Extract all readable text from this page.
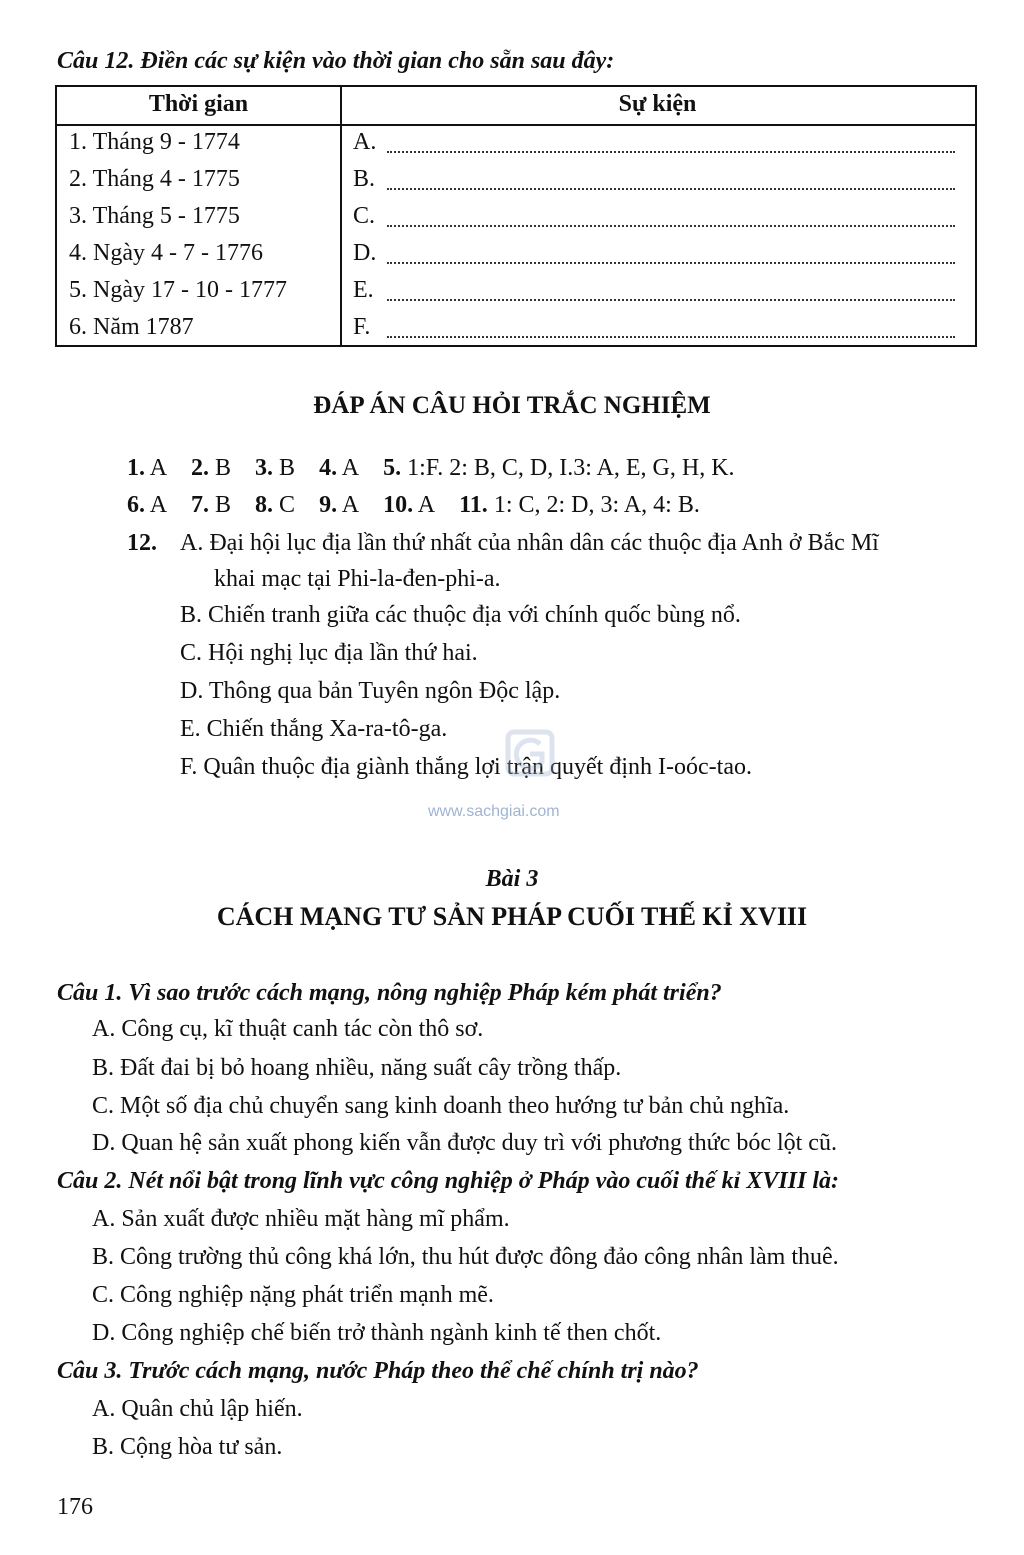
Câu 12. Điền các sự kiện vào thời gian cho sẵn sau đây:
Thời gian	Sự kiện
1. Tháng 9 - 1774	A.
2. Tháng 4 - 1775	B.
3. Tháng 5 - 1775	C.
4. Ngày 4 - 7 - 1776	D.
5. Ngày 17 - 10 - 1777	E.
6. Năm 1787	F.
ĐÁP ÁN CÂU HỎI TRẮC NGHIỆM
1. A 2. B 3. B 4. A 5. 1:F. 2: B, C, D, I.3: A, E, G, H, K.
6. A 7. B 8. C 9. A 10. A 11. 1: C, 2: D, 3: A, 4: B.
12. A. Đại hội lục địa lần thứ nhất của nhân dân các thuộc địa Anh ở Bắc Mĩ
khai mạc tại Phi-la-đen-phi-a.
B. Chiến tranh giữa các thuộc địa với chính quốc bùng nổ.
C. Hội nghị lục địa lần thứ hai.
D. Thông qua bản Tuyên ngôn Độc lập.
E. Chiến thắng Xa-ra-tô-ga.
F. Quân thuộc địa giành thắng lợi trận quyết định I-oóc-tao.
www.sachgiai.com
Bài 3
CÁCH MẠNG TƯ SẢN PHÁP CUỐI THẾ KỈ XVIII
Câu 1. Vì sao trước cách mạng, nông nghiệp Pháp kém phát triển?
A. Công cụ, kĩ thuật canh tác còn thô sơ.
B. Đất đai bị bỏ hoang nhiều, năng suất cây trồng thấp.
C. Một số địa chủ chuyển sang kinh doanh theo hướng tư bản chủ nghĩa.
D. Quan hệ sản xuất phong kiến vẫn được duy trì với phương thức bóc lột cũ.
Câu 2. Nét nổi bật trong lĩnh vực công nghiệp ở Pháp vào cuối thế kỉ XVIII là:
A. Sản xuất được nhiều mặt hàng mĩ phẩm.
B. Công trường thủ công khá lớn, thu hút được đông đảo công nhân làm thuê.
C. Công nghiệp nặng phát triển mạnh mẽ.
D. Công nghiệp chế biến trở thành ngành kinh tế then chốt.
Câu 3. Trước cách mạng, nước Pháp theo thể chế chính trị nào?
A. Quân chủ lập hiến.
B. Cộng hòa tư sản.
176
